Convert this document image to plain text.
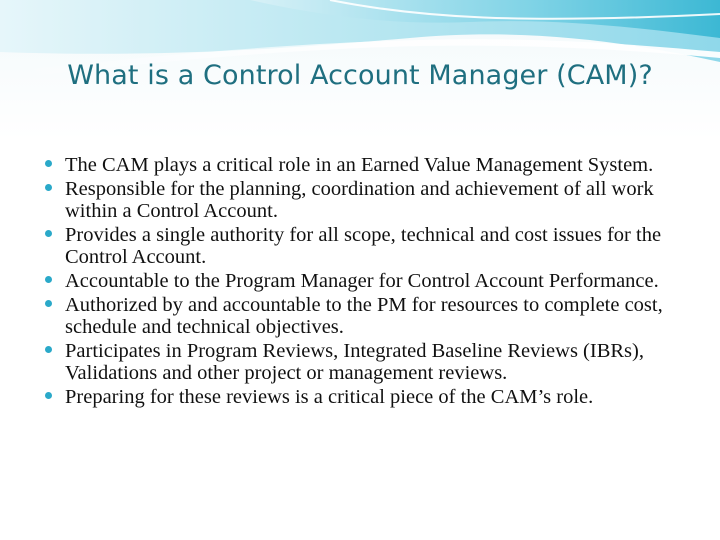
What is a Control Account Manager (CAM)?
The CAM plays a critical role in an Earned Value Management System.
Responsible for the planning, coordination and achievement of all work within a Control Account.
Provides a single authority for all scope, technical and cost issues for the Control Account.
Accountable to the Program Manager for Control Account Performance.
Authorized by and accountable to the PM for resources to complete cost, schedule and technical objectives.
Participates in Program Reviews, Integrated Baseline Reviews (IBRs), Validations and other project or management reviews.
Preparing for these reviews is a critical piece of the CAM’s role.
